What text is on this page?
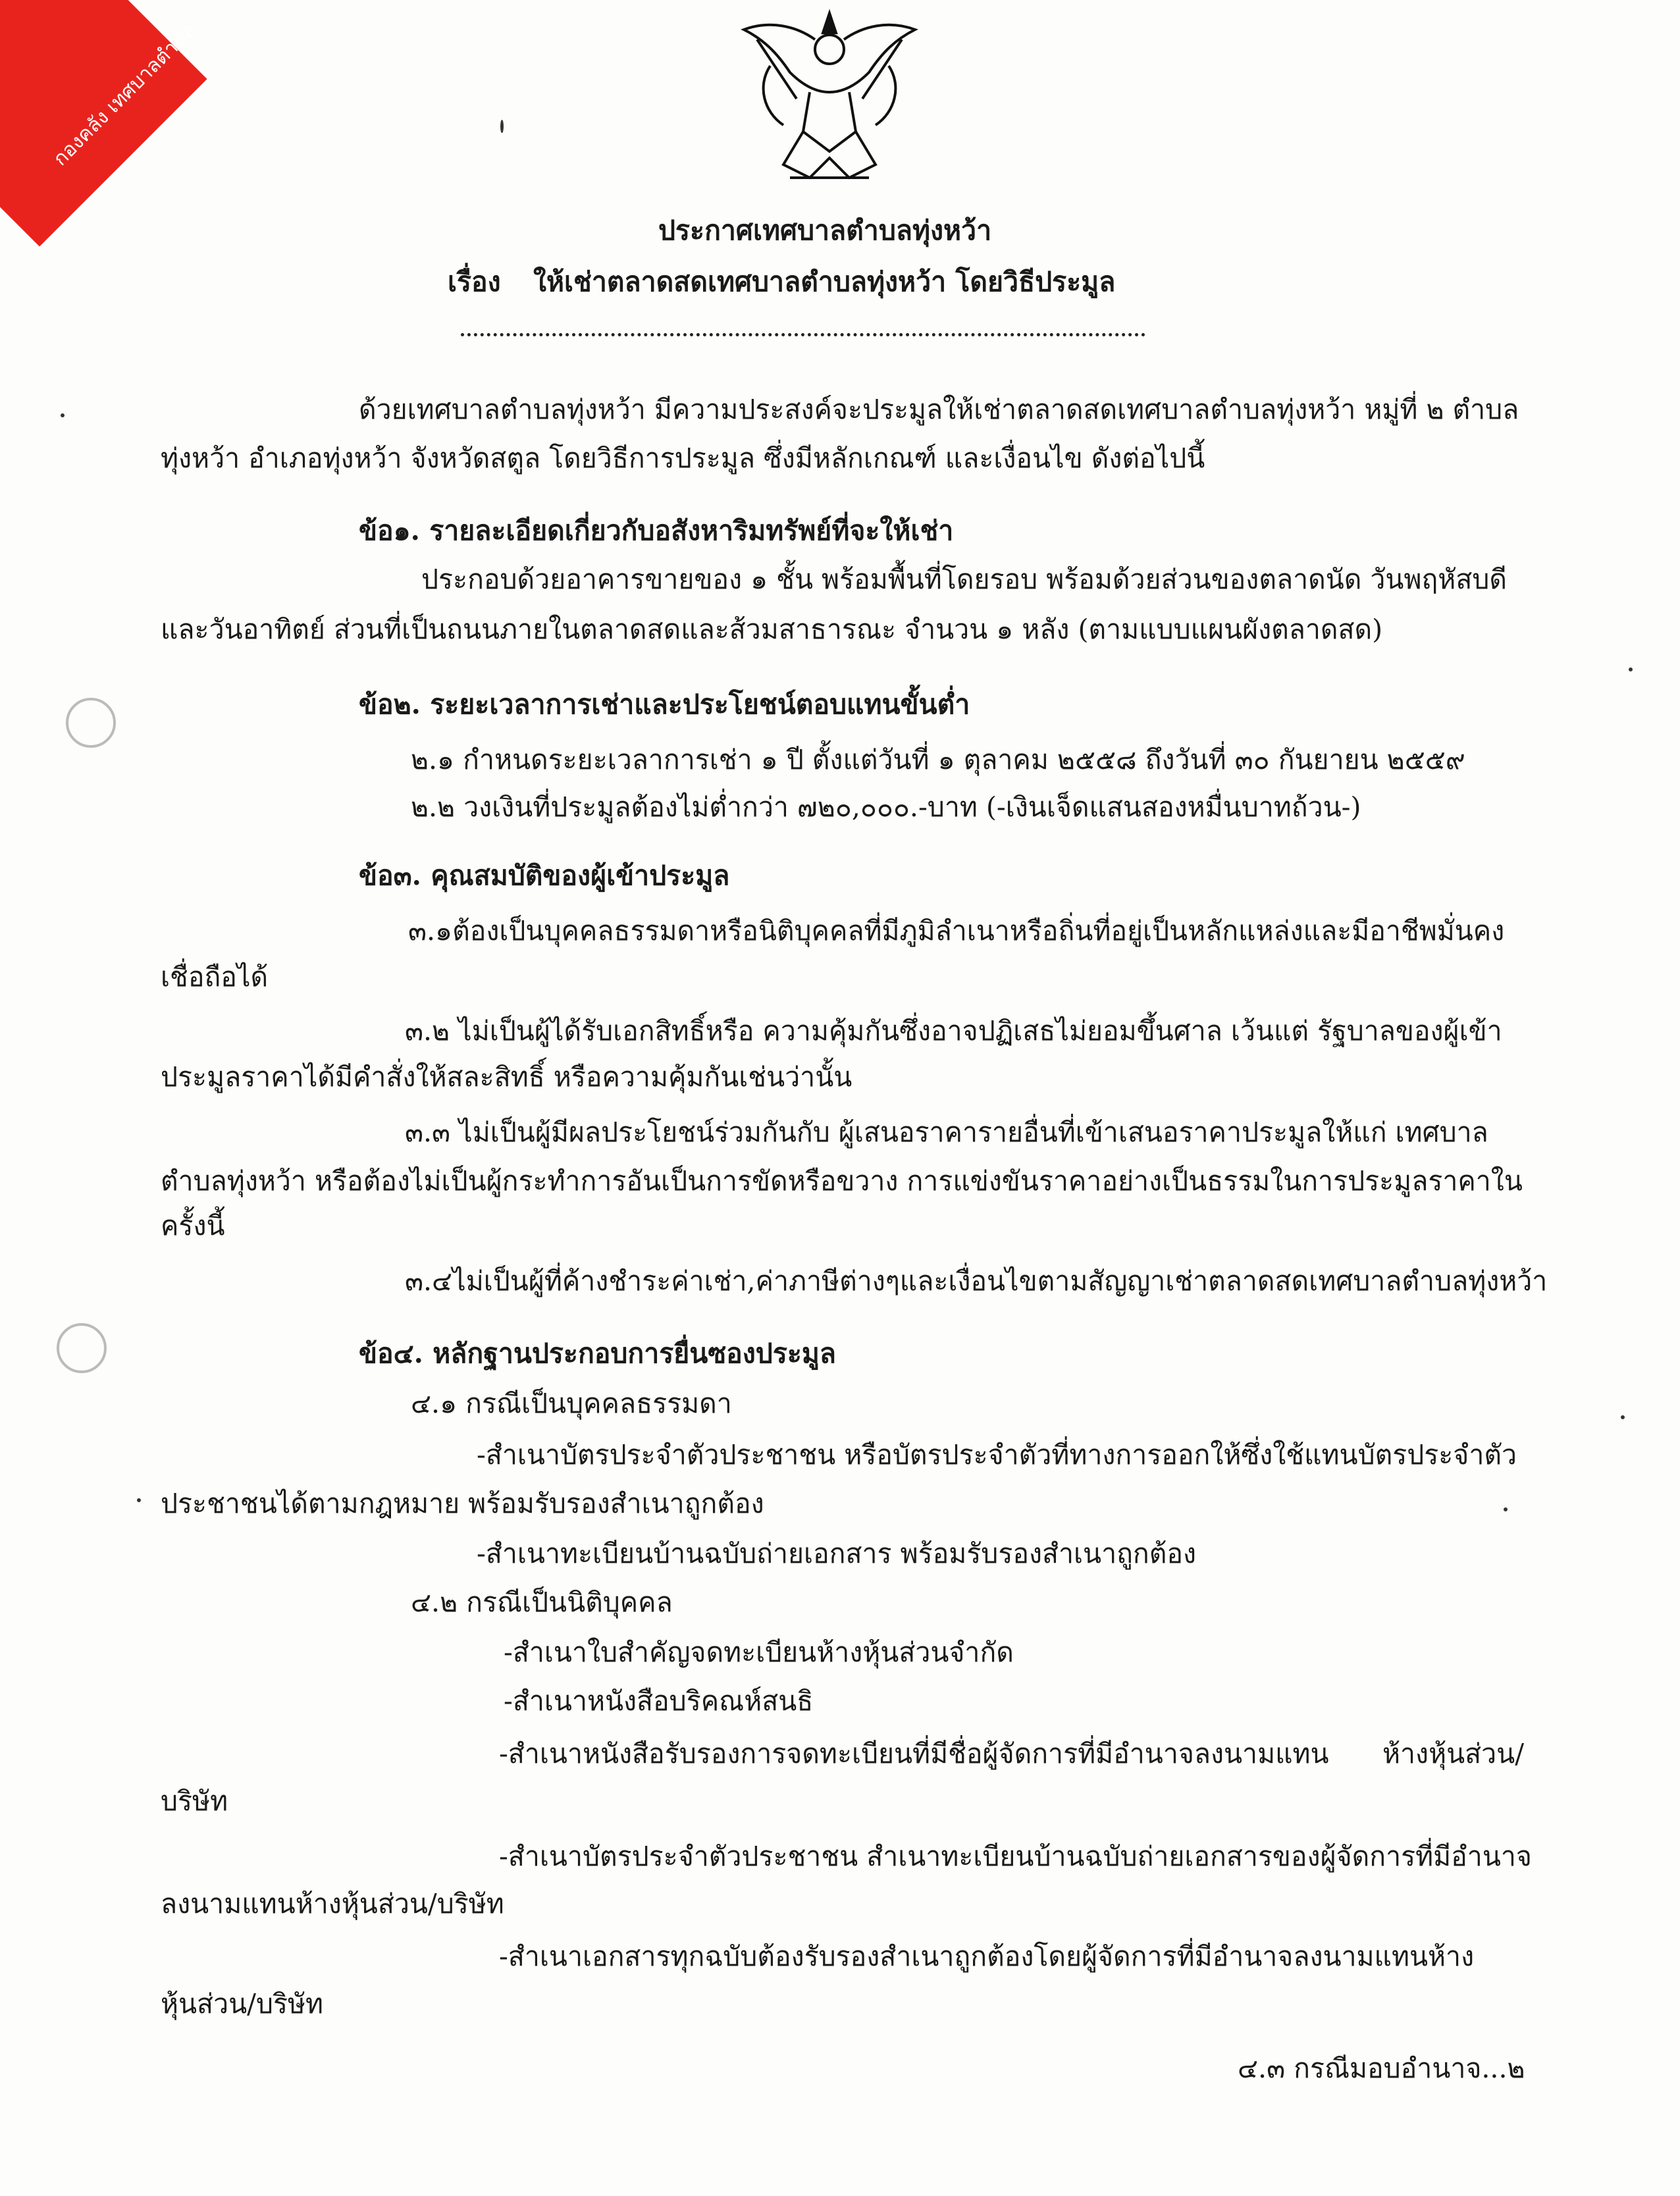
กองคลัง เทศบาลตำบล
ประกาศเทศบาลตำบลทุ่งหว้า
เรื่อง ให้เช่าตลาดสดเทศบาลตำบลทุ่งหว้า โดยวิธีประมูล
ด้วยเทศบาลตำบลทุ่งหว้า มีความประสงค์จะประมูลให้เช่าตลาดสดเทศบาลตำบลทุ่งหว้า หมู่ที่ ๒ ตำบล
ทุ่งหว้า อำเภอทุ่งหว้า จังหวัดสตูล โดยวิธีการประมูล ซึ่งมีหลักเกณฑ์ และเงื่อนไข ดังต่อไปนี้
ข้อ๑. รายละเอียดเกี่ยวกับอสังหาริมทรัพย์ที่จะให้เช่า
ประกอบด้วยอาคารขายของ ๑ ชั้น พร้อมพื้นที่โดยรอบ พร้อมด้วยส่วนของตลาดนัด วันพฤหัสบดี
และวันอาทิตย์ ส่วนที่เป็นถนนภายในตลาดสดและส้วมสาธารณะ จำนวน ๑ หลัง (ตามแบบแผนผังตลาดสด)
ข้อ๒. ระยะเวลาการเช่าและประโยชน์ตอบแทนขั้นต่ำ
๒.๑ กำหนดระยะเวลาการเช่า ๑ ปี ตั้งแต่วันที่ ๑ ตุลาคม ๒๕๕๘ ถึงวันที่ ๓๐ กันยายน ๒๕๕๙
๒.๒ วงเงินที่ประมูลต้องไม่ต่ำกว่า ๗๒๐,๐๐๐.-บาท (-เงินเจ็ดแสนสองหมื่นบาทถ้วน-)
ข้อ๓. คุณสมบัติของผู้เข้าประมูล
๓.๑ต้องเป็นบุคคลธรรมดาหรือนิติบุคคลที่มีภูมิลำเนาหรือถิ่นที่อยู่เป็นหลักแหล่งและมีอาชีพมั่นคง
เชื่อถือได้
๓.๒ ไม่เป็นผู้ได้รับเอกสิทธิ์หรือ ความคุ้มกันซึ่งอาจปฏิเสธไม่ยอมขึ้นศาล เว้นแต่ รัฐบาลของผู้เข้า
ประมูลราคาได้มีคำสั่งให้สละสิทธิ์ หรือความคุ้มกันเช่นว่านั้น
๓.๓ ไม่เป็นผู้มีผลประโยชน์ร่วมกันกับ ผู้เสนอราคารายอื่นที่เข้าเสนอราคาประมูลให้แก่ เทศบาล
ตำบลทุ่งหว้า หรือต้องไม่เป็นผู้กระทำการอันเป็นการขัดหรือขวาง การแข่งขันราคาอย่างเป็นธรรมในการประมูลราคาใน
ครั้งนี้
๓.๔ไม่เป็นผู้ที่ค้างชำระค่าเช่า,ค่าภาษีต่างๆและเงื่อนไขตามสัญญาเช่าตลาดสดเทศบาลตำบลทุ่งหว้า
ข้อ๔. หลักฐานประกอบการยื่นซองประมูล
๔.๑ กรณีเป็นบุคคลธรรมดา
-สำเนาบัตรประจำตัวประชาชน หรือบัตรประจำตัวที่ทางการออกให้ซึ่งใช้แทนบัตรประจำตัว
ประชาชนได้ตามกฎหมาย พร้อมรับรองสำเนาถูกต้อง
-สำเนาทะเบียนบ้านฉบับถ่ายเอกสาร พร้อมรับรองสำเนาถูกต้อง
๔.๒ กรณีเป็นนิติบุคคล
-สำเนาใบสำคัญจดทะเบียนห้างหุ้นส่วนจำกัด
-สำเนาหนังสือบริคณห์สนธิ
-สำเนาหนังสือรับรองการจดทะเบียนที่มีชื่อผู้จัดการที่มีอำนาจลงนามแทน ห้างหุ้นส่วน/
บริษัท
-สำเนาบัตรประจำตัวประชาชน สำเนาทะเบียนบ้านฉบับถ่ายเอกสารของผู้จัดการที่มีอำนาจ
ลงนามแทนห้างหุ้นส่วน/บริษัท
-สำเนาเอกสารทุกฉบับต้องรับรองสำเนาถูกต้องโดยผู้จัดการที่มีอำนาจลงนามแทนห้าง
หุ้นส่วน/บริษัท
๔.๓ กรณีมอบอำนาจ...๒
